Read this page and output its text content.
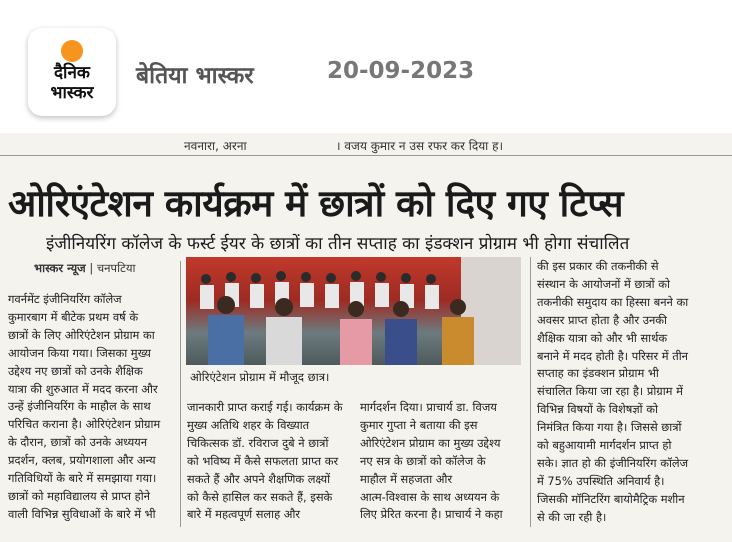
दैनिक
भास्कर
बेतिया भास्कर	20-09-2023
नवनारा, अरना	। वजय कुमार न उस रफर कर दिया ह।
ओरिएंटेशन कार्यक्रम में छात्रों को दिए गए टिप्स
इंजीनियरिंग कॉलेज के फर्स्ट ईयर के छात्रों का तीन सप्ताह का इंडक्शन प्रोग्राम भी होगा संचालित
भास्कर न्यूज | चनपटिया
ओरिएंटेशन प्रोग्राम में मौजूद छात्र।

गवर्नमेंट इंजीनियरिंग कॉलेज

कुमारबाग में बीटेक प्रथम वर्ष के

छात्रों के लिए ओरिएंटेशन प्रोग्राम का

आयोजन किया गया। जिसका मुख्य

उद्देश्य नए छात्रों को उनके शैक्षिक

यात्रा की शुरुआत में मदद करना और

उन्हें इंजीनियरिंग के माहौल के साथ

परिचित कराना है। ओरिएंटेशन प्रोग्राम

के दौरान, छात्रों को उनके अध्ययन

प्रदर्शन, क्लब, प्रयोगशाला और अन्य

गतिविधियों के बारे में समझाया गया।

छात्रों को महाविद्यालय से प्राप्त होने

वाली विभिन्न सुविधाओं के बारे में भी

जानकारी प्राप्त कराई गई। कार्यक्रम के

मुख्य अतिथि शहर के विख्यात

चिकित्सक डॉ. रविराज दुबे ने छात्रों

को भविष्य में कैसे सफलता प्राप्त कर

सकते हैं और अपने शैक्षणिक लक्ष्यों

को कैसे हासिल कर सकते हैं, इसके

बारे में महत्वपूर्ण सलाह और

मार्गदर्शन दिया। प्राचार्य डा. विजय

कुमार गुप्ता ने बताया की इस

ओरिएंटेशन प्रोग्राम का मुख्य उद्देश्य

नए सत्र के छात्रों को कॉलेज के

माहौल में सहजता और

आत्म-विश्वास के साथ अध्ययन के

लिए प्रेरित करना है। प्राचार्य ने कहा

की इस प्रकार की तकनीकी से

संस्थान के आयोजनों में छात्रों को

तकनीकी समुदाय का हिस्सा बनने का

अवसर प्राप्त होता है और उनकी

शैक्षिक यात्रा को और भी सार्थक

बनाने में मदद होती है। परिसर में तीन

सप्ताह का इंडक्शन प्रोग्राम भी

संचालित किया जा रहा है। प्रोग्राम में

विभिन्न विषयों के विशेषज्ञों को

निमंत्रित किया गया है। जिससे छात्रों

को बहुआयामी मार्गदर्शन प्राप्त हो

सके। ज्ञात हो की इंजीनियरिंग कॉलेज

में 75% उपस्थिति अनिवार्य है।

जिसकी मॉनिटरिंग बायोमैट्रिक मशीन

से की जा रही है।
